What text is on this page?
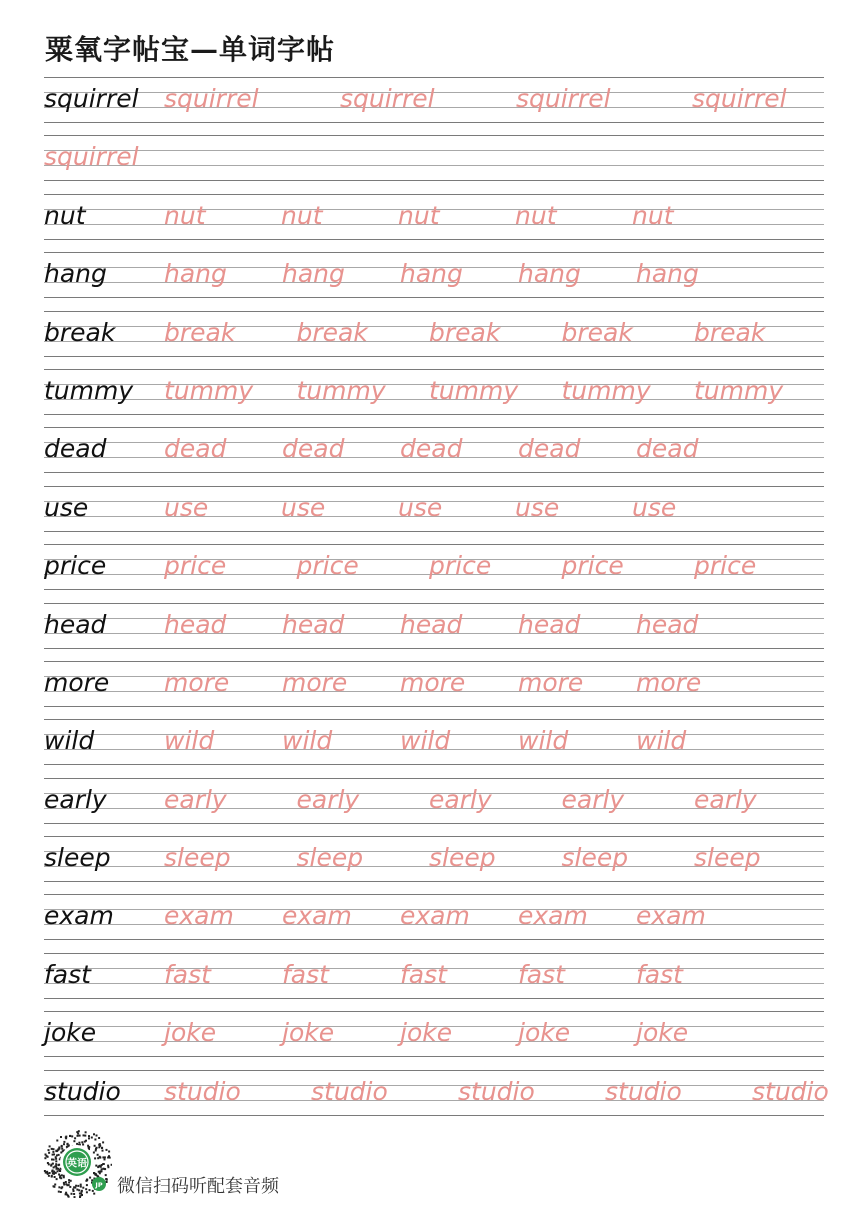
粟氧字帖宝—单词字帖
squirrel squirrel	squirrel	squirrel	squirrel
squirrel
nut	nut	nut	nut	nut	nut
hang hang hang hang hang hang
break break break break break break
tummy tummy tummy tummy tummy tummy
dead dead dead dead dead dead
use	use	use	use	use	use
price price	price	price	price	price
head head head head head head
more more more more more more
wild	wild	wild	wild	wild	wild
early early	early	early	early	early
sleep sleep	sleep	sleep	sleep	sleep
exam exam exam exam exam exam
fast	fast	fast	fast	fast	fast
joke	joke	joke	joke	joke	joke
studio studio	studio	studio	studio	studio
英语
JP 微信扫码听配套音频
